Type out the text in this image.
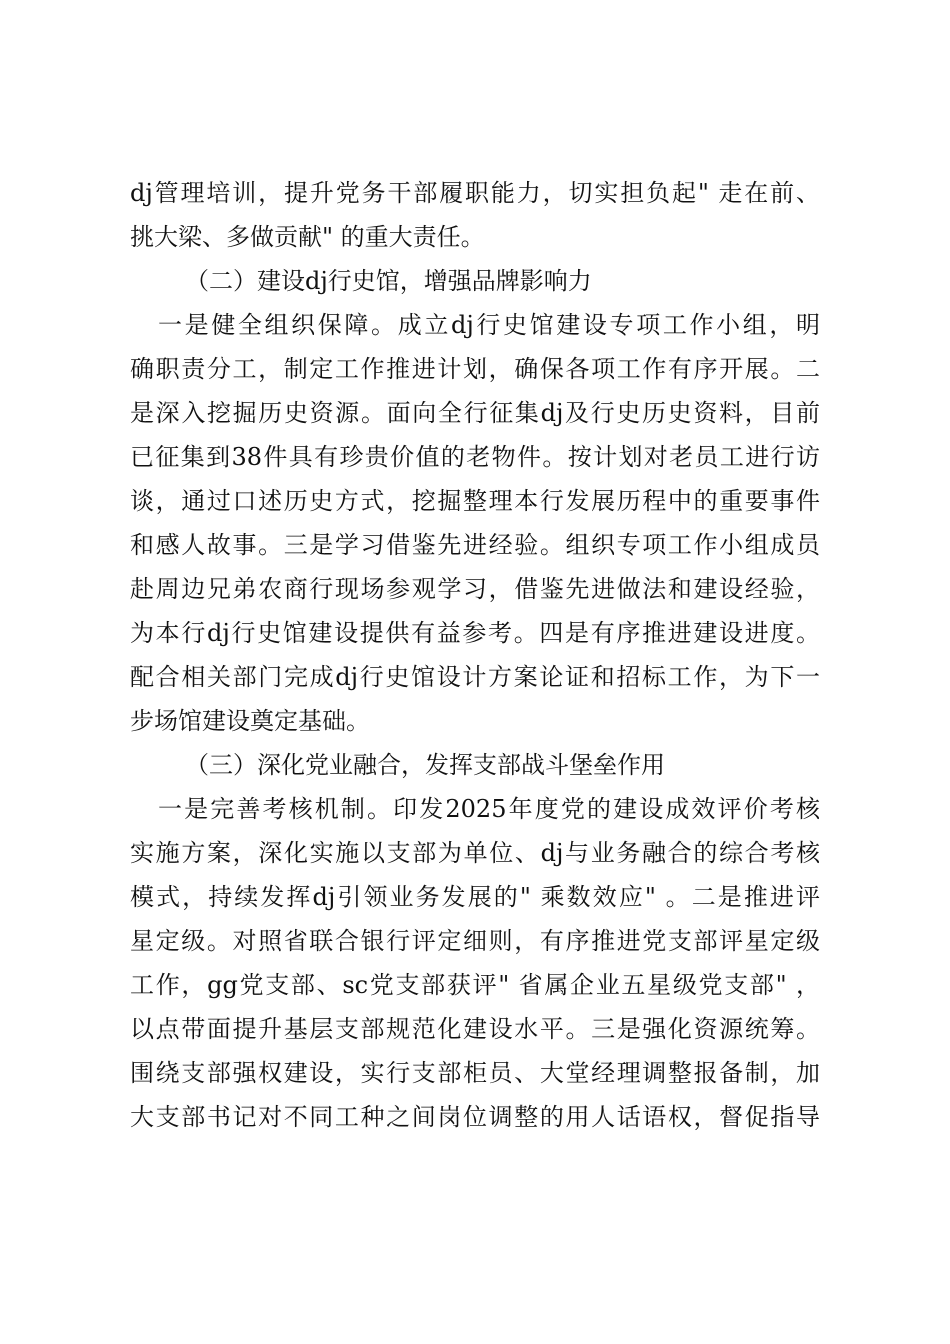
dj管理培训，提升党务干部履职能力，切实担负起" 走在前、
挑大梁、多做贡献" 的重大责任。
（二）建设dj行史馆，增强品牌影响力
一是健全组织保障。成立dj行史馆建设专项工作小组，明
确职责分工，制定工作推进计划，确保各项工作有序开展。二
是深入挖掘历史资源。面向全行征集dj及行史历史资料，目前
已征集到38件具有珍贵价值的老物件。按计划对老员工进行访
谈，通过口述历史方式，挖掘整理本行发展历程中的重要事件
和感人故事。三是学习借鉴先进经验。组织专项工作小组成员
赴周边兄弟农商行现场参观学习，借鉴先进做法和建设经验，
为本行dj行史馆建设提供有益参考。四是有序推进建设进度。
配合相关部门完成dj行史馆设计方案论证和招标工作，为下一
步场馆建设奠定基础。
（三）深化党业融合，发挥支部战斗堡垒作用
一是完善考核机制。印发2025年度党的建设成效评价考核
实施方案，深化实施以支部为单位、dj与业务融合的综合考核
模式，持续发挥dj引领业务发展的" 乘数效应" 。二是推进评
星定级。对照省联合银行评定细则，有序推进党支部评星定级
工作，gg党支部、sc党支部获评" 省属企业五星级党支部" ，
以点带面提升基层支部规范化建设水平。三是强化资源统筹。
围绕支部强权建设，实行支部柜员、大堂经理调整报备制，加
大支部书记对不同工种之间岗位调整的用人话语权，督促指导
